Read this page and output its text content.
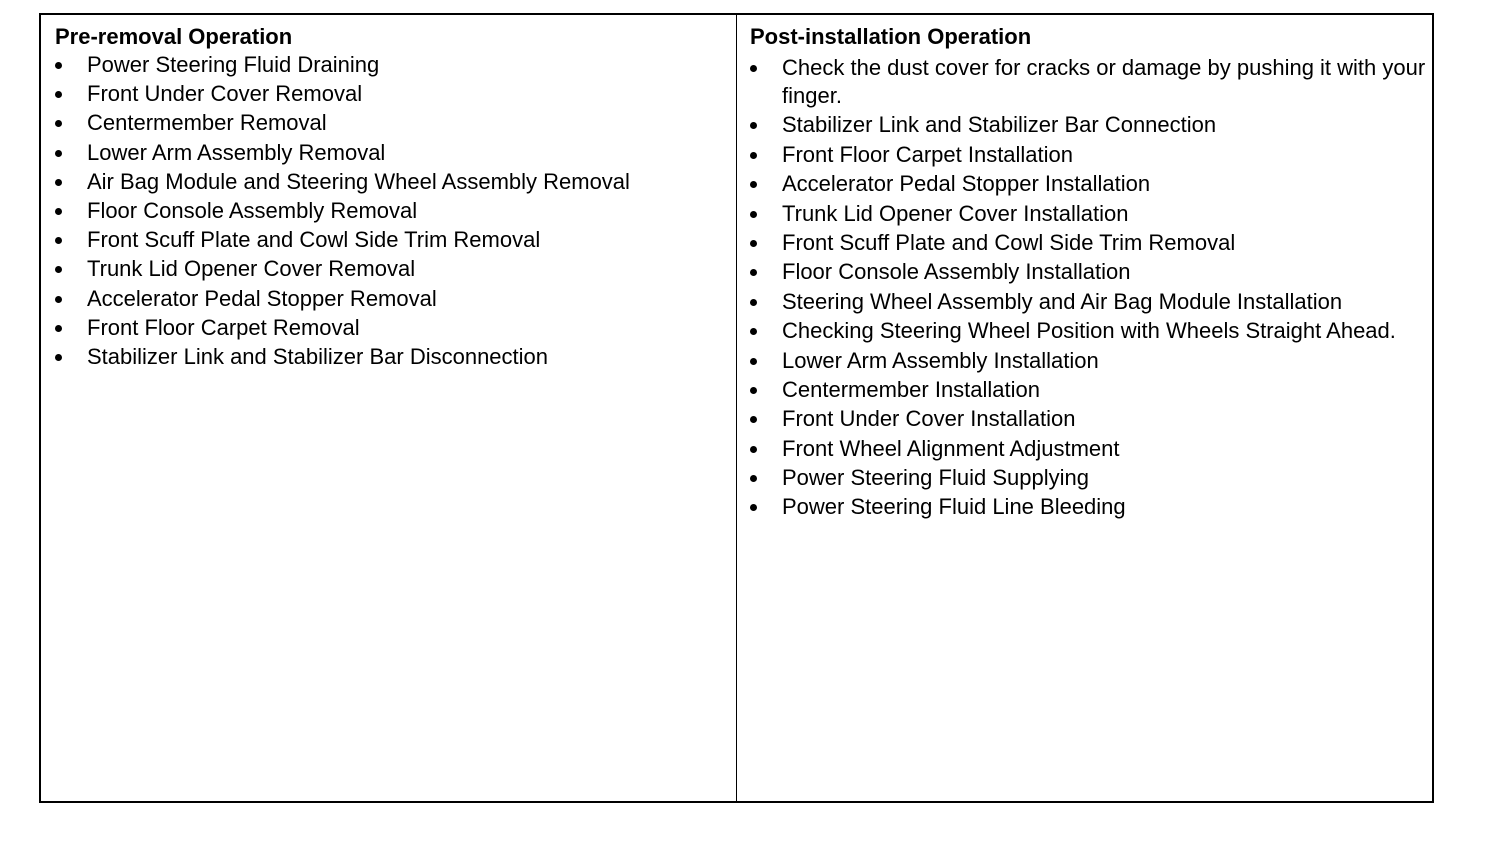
Pre-removal Operation
Power Steering Fluid Draining
Front Under Cover Removal
Centermember Removal
Lower Arm Assembly Removal
Air Bag Module and Steering Wheel Assembly Removal
Floor Console Assembly Removal
Front Scuff Plate and Cowl Side Trim Removal
Trunk Lid Opener Cover Removal
Accelerator Pedal Stopper Removal
Front Floor Carpet Removal
Stabilizer Link and Stabilizer Bar Disconnection
Post-installation Operation
Check the dust cover for cracks or damage by pushing it with your finger.
Stabilizer Link and Stabilizer Bar Connection
Front Floor Carpet Installation
Accelerator Pedal Stopper Installation
Trunk Lid Opener Cover Installation
Front Scuff Plate and Cowl Side Trim Removal
Floor Console Assembly Installation
Steering Wheel Assembly and Air Bag Module Installation
Checking Steering Wheel Position with Wheels Straight Ahead.
Lower Arm Assembly Installation
Centermember Installation
Front Under Cover Installation
Front Wheel Alignment Adjustment
Power Steering Fluid Supplying
Power Steering Fluid Line Bleeding
